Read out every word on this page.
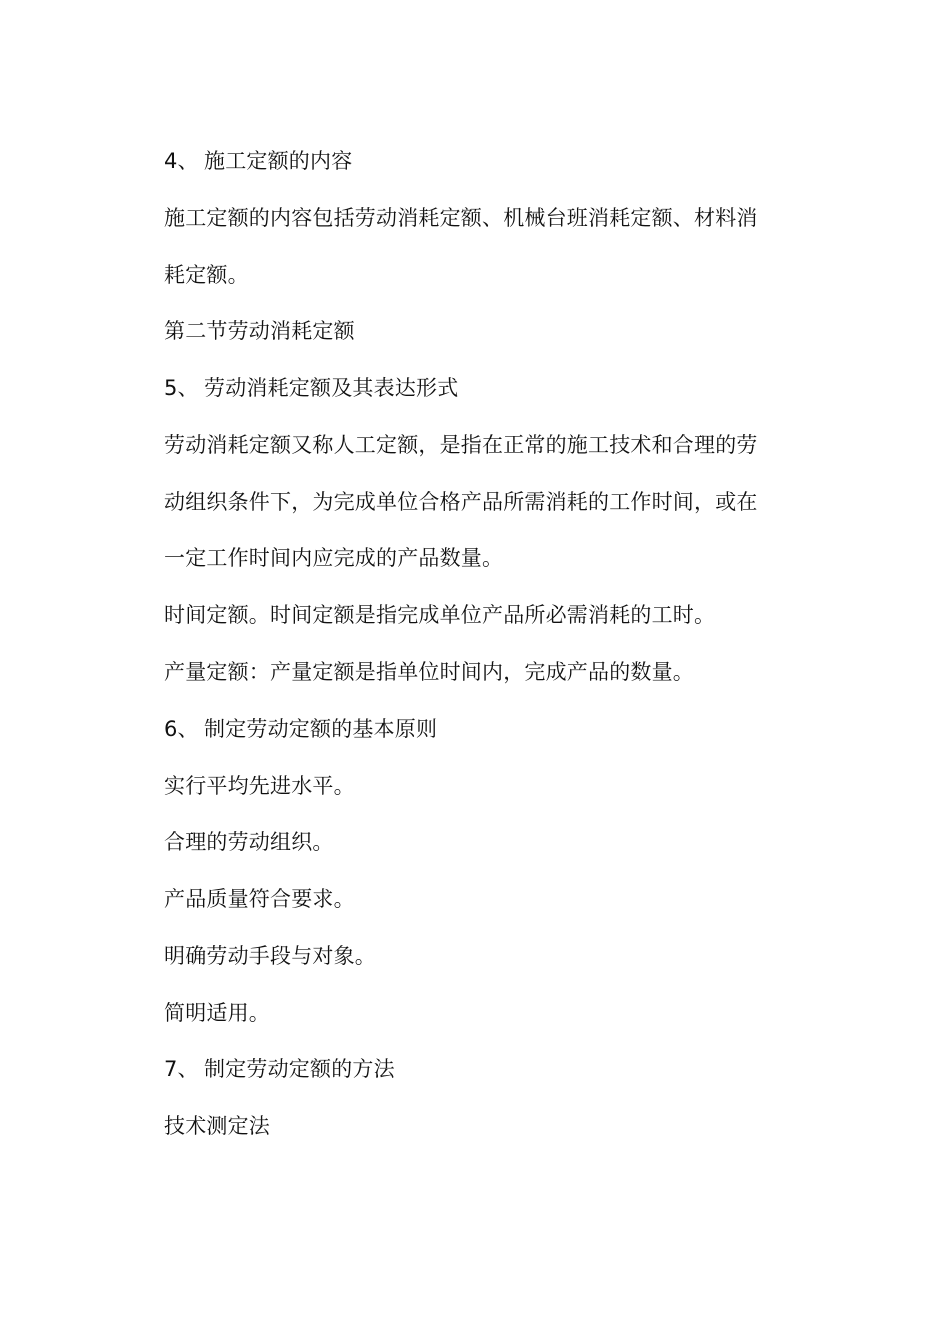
4、 施工定额的内容
施工定额的内容包括劳动消耗定额、机械台班消耗定额、材料消
耗定额。
第二节劳动消耗定额
5、 劳动消耗定额及其表达形式
劳动消耗定额又称人工定额，是指在正常的施工技术和合理的劳
动组织条件下，为完成单位合格产品所需消耗的工作时间，或在
一定工作时间内应完成的产品数量。
时间定额。时间定额是指完成单位产品所必需消耗的工时。
产量定额：产量定额是指单位时间内，完成产品的数量。
6、 制定劳动定额的基本原则
实行平均先进水平。
合理的劳动组织。
产品质量符合要求。
明确劳动手段与对象。
简明适用。
7、 制定劳动定额的方法
技术测定法
